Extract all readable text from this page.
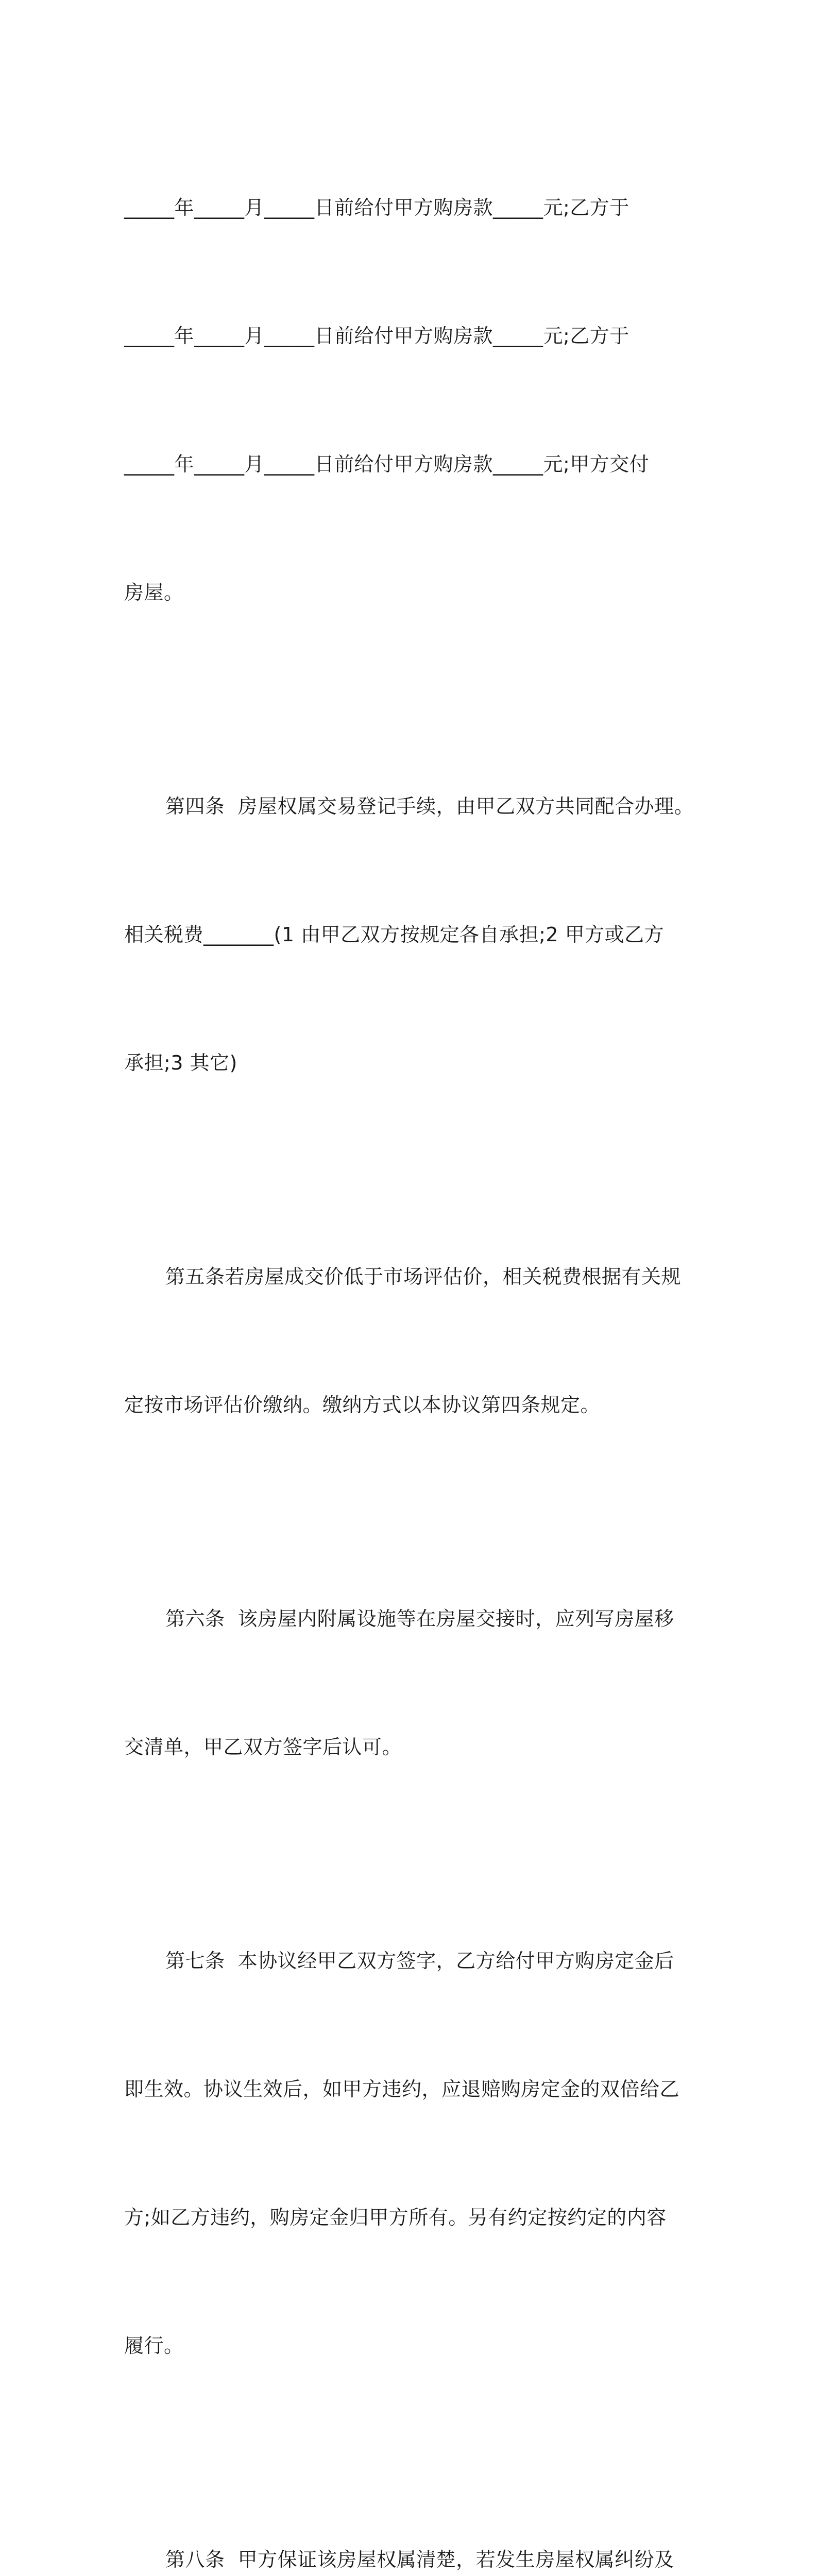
_____年_____月_____日前给付甲方购房款_____元;乙方于

_____年_____月_____日前给付甲方购房款_____元;乙方于

_____年_____月_____日前给付甲方购房款_____元;甲方交付

房屋。

第四条  房屋权属交易登记手续，由甲乙双方共同配合办理。

相关税费_______(1 由甲乙双方按规定各自承担;2 甲方或乙方

承担;3 其它)

第五条若房屋成交价低于市场评估价，相关税费根据有关规

定按市场评估价缴纳。缴纳方式以本协议第四条规定。

第六条  该房屋内附属设施等在房屋交接时，应列写房屋移

交清单，甲乙双方签字后认可。

第七条  本协议经甲乙双方签字，乙方给付甲方购房定金后

即生效。协议生效后，如甲方违约，应退赔购房定金的双倍给乙

方;如乙方违约，购房定金归甲方所有。另有约定按约定的内容

履行。

第八条  甲方保证该房屋权属清楚，若发生房屋权属纠纷及
